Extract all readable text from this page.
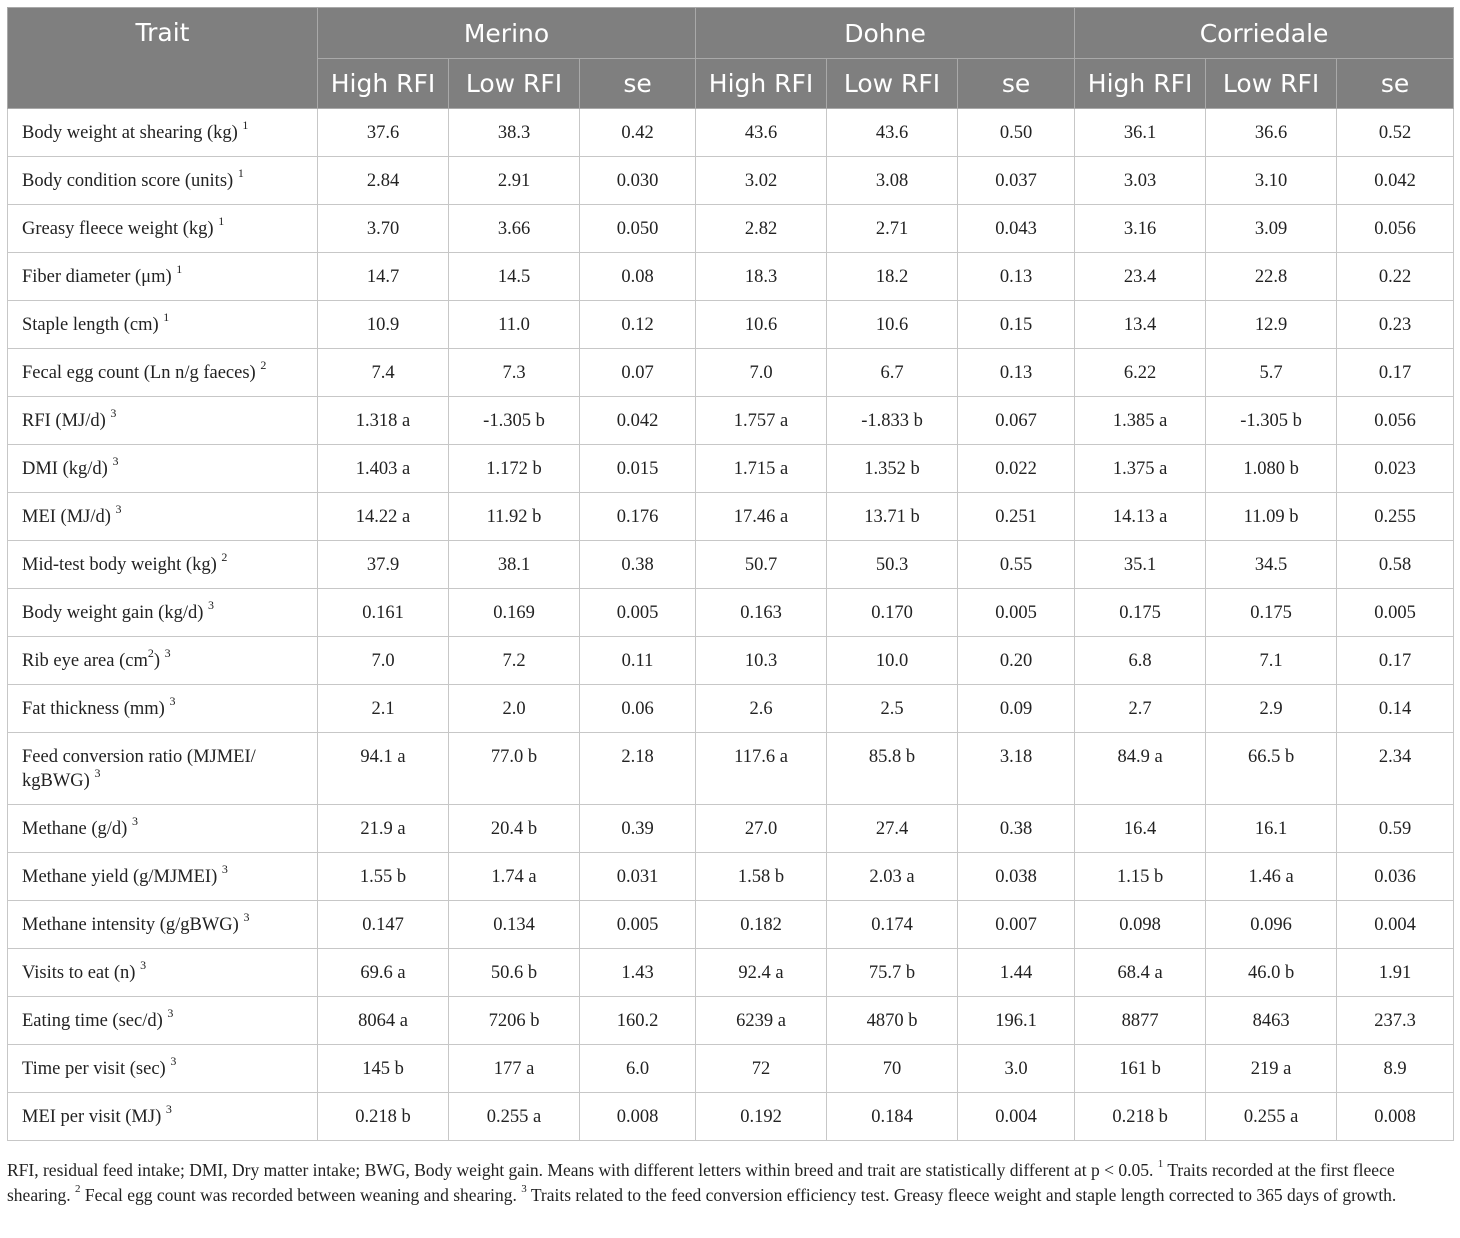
Trait	Merino			Dohne			Corriedale		
	High RFI	Low RFI	se	High RFI	Low RFI	se	High RFI	Low RFI	se
Body weight at shearing (kg) $^1$	37.6	38.3	0.42	43.6	43.6	0.50	36.1	36.6	0.52
Body condition score (units) $^1$	2.84	2.91	0.030	3.02	3.08	0.037	3.03	3.10	0.042
Greasy fleece weight (kg) $^1$	3.70	3.66	0.050	2.82	2.71	0.043	3.16	3.09	0.056
Fiber diameter (μm) $^1$	14.7	14.5	0.08	18.3	18.2	0.13	23.4	22.8	0.22
Staple length (cm) $^1$	10.9	11.0	0.12	10.6	10.6	0.15	13.4	12.9	0.23
Fecal egg count (Ln n/g faeces) $^2$	7.4	7.3	0.07	7.0	6.7	0.13	6.22	5.7	0.17
RFI (MJ/d) $^3$	1.318 a	-1.305 b	0.042	1.757 a	-1.833 b	0.067	1.385 a	-1.305 b	0.056
DMI (kg/d) $^3$	1.403 a	1.172 b	0.015	1.715 a	1.352 b	0.022	1.375 a	1.080 b	0.023
MEI (MJ/d) $^3$	14.22 a	11.92 b	0.176	17.46 a	13.71 b	0.251	14.13 a	11.09 b	0.255
Mid-test body weight (kg) $^2$	37.9	38.1	0.38	50.7	50.3	0.55	35.1	34.5	0.58
Body weight gain (kg/d) $^3$	0.161	0.169	0.005	0.163	0.170	0.005	0.175	0.175	0.005
Rib eye area $(cm^2)$ $^3$	7.0	7.2	0.11	10.3	10.0	0.20	6.8	7.1	0.17
Fat thickness (mm) $^3$	2.1	2.0	0.06	2.6	2.5	0.09	2.7	2.9	0.14
Feed conversion ratio (MJMEI/ kgBWG) $^3$	94.1 a	77.0 b	2.18	117.6 a	85.8 b	3.18	84.9 a	66.5 b	2.34
Methane (g/d) $^3$	21.9 a	20.4 b	0.39	27.0	27.4	0.38	16.4	16.1	0.59
Methane yield (g/MJMEI) $^3$	1.55 b	1.74 a	0.031	1.58 b	2.03 a	0.038	1.15 b	1.46 a	0.036
Methane intensity (g/gBWG) $^3$	0.147	0.134	0.005	0.182	0.174	0.007	0.098	0.096	0.004
Visits to eat (n) $^3$	69.6 a	50.6 b	1.43	92.4 a	75.7 b	1.44	68.4 a	46.0 b	1.91
Eating time (sec/d) $^3$	8064 a	7206 b	160.2	6239 a	4870 b	196.1	8877	8463	237.3
Time per visit (sec) $^3$	145 b	177 a	6.0	72	70	3.0	161 b	219 a	8.9
MEI per visit (MJ) $^3$	0.218 b	0.255 a	0.008	0.192	0.184	0.004	0.218 b	0.255 a	0.008
RFI, residual feed intake; DMI, Dry matter intake; BWG, Body weight gain. Means with different letters within breed and trait are statistically different at p < 0.05. $^1$ Traits recorded at the first fleece shearing. $^2$ Fecal egg count was recorded between weaning and shearing. $^3$ Traits related to the feed conversion efficiency test. Greasy fleece weight and staple length corrected to 365 days of growth.
